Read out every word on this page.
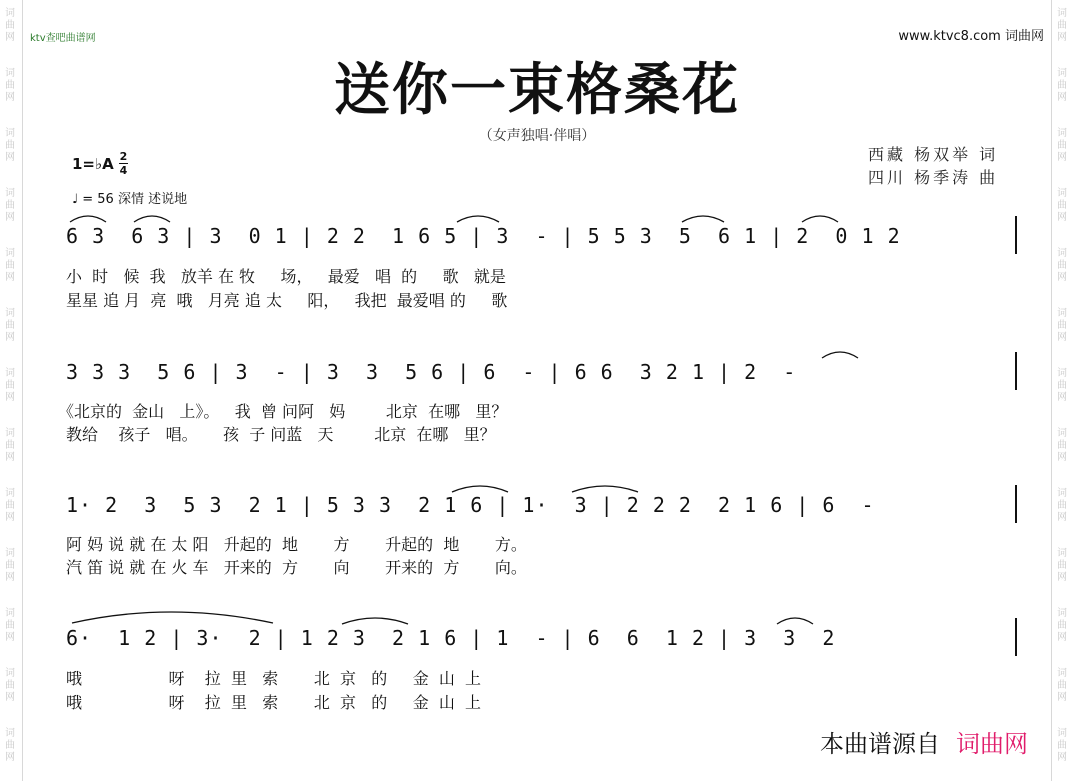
词
曲
网
词
曲
网
词
曲
网
词
曲
网
词
曲
网
词
曲
网
词
曲
网
词
曲
网
词
曲
网
词
曲
网
词
曲
网
词
曲
网
词
曲
网
词
曲
网
词
曲
网
词
曲
网
词
曲
网
词
曲
网
词
曲
网
词
曲
网
词
曲
网
词
曲
网
词
曲
网
词
曲
网
词
曲
网
词
曲
网
ktv查吧曲谱网	www.ktvc8.com 词曲网
送你一束格桑花
（女声独唱·伴唱）
西藏 杨双举 词
四川 杨季涛 曲
1=♭A 2
4
♩ = 56 深情 述说地
6 3  6 3 | 3  0 1 | 2 2  1 6 5 | 3  - | 5 5 3  5  6 1 | 2  0 1 2
小  时   候  我   放羊 在 牧     场，   最爱   唱  的     歌   就是
星星 追 月  亮  哦   月亮 追 太     阳，   我把  最爱唱 的     歌
3 3 3  5 6 | 3  - | 3  3  5 6 | 6  - | 6 6  3 2 1 | 2  -
《北京的  金山   上》。   我  曾 问阿   妈        北京  在哪   里？
教给    孩子   唱。     孩  子 问蓝   天        北京  在哪   里？
1· 2  3  5 3  2 1 | 5 3 3  2 1 6 | 1·  3 | 2 2 2  2 1 6 | 6  -
阿 妈 说 就 在 太 阳   升起的  地       方       升起的  地       方。
汽 笛 说 就 在 火 车   开来的  方       向       开来的  方       向。
6·  1 2 | 3·  2 | 1 2 3  2 1 6 | 1  - | 6  6  1 2 | 3  3  2
哦                 呀    拉  里   索       北  京   的     金  山  上
哦                 呀    拉  里   索       北  京   的     金  山  上
本曲谱源自 词曲网
